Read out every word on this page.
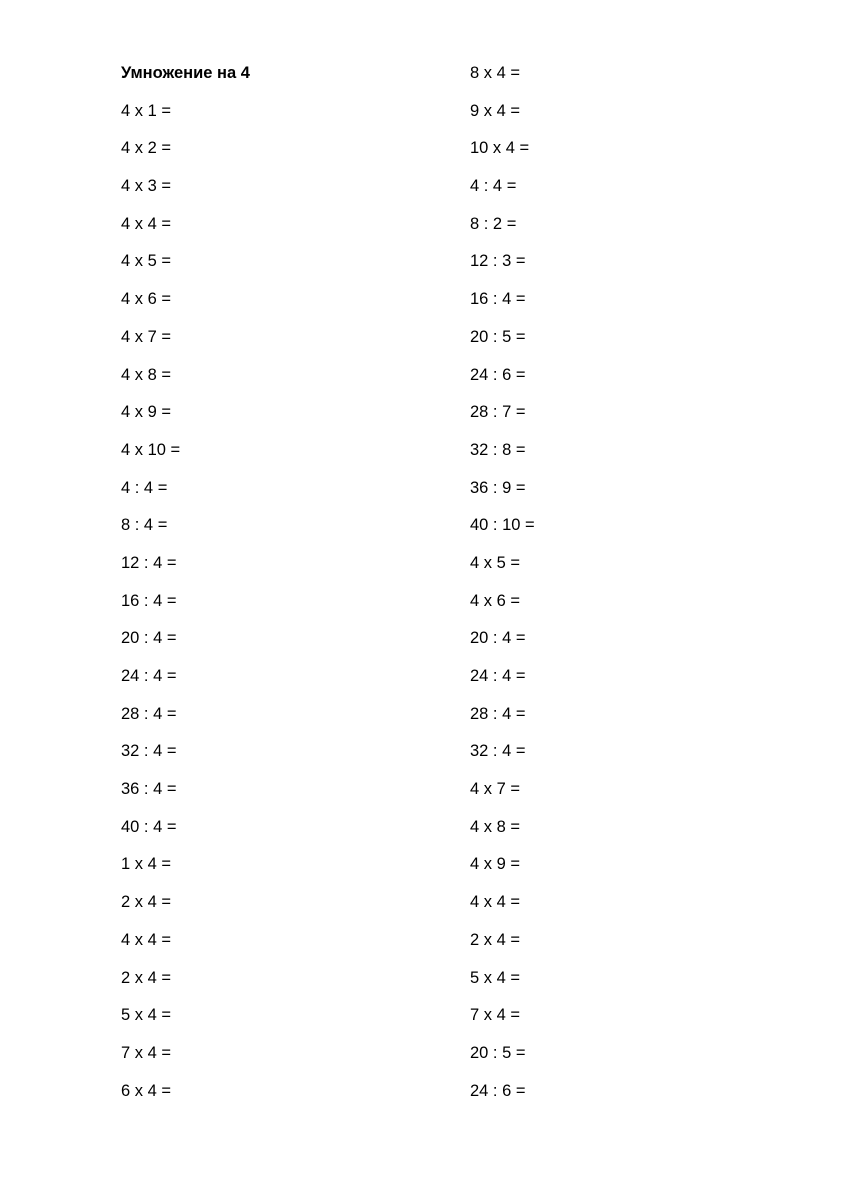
Умножение на 4
4 x 1 =
4 x 2 =
4 x 3 =
4 x 4 =
4 x 5 =
4 x 6 =
4 x 7 =
4 x 8 =
4 x 9 =
4 x 10 =
4 : 4 =
8 : 4 =
12 : 4 =
16 : 4 =
20 : 4 =
24 : 4 =
28 : 4 =
32 : 4 =
36 : 4 =
40 : 4 =
1 x 4 =
2 x 4 =
4 x 4 =
2 x 4 =
5 x 4 =
7 x 4 =
6 x 4 =
8 x 4 =
9 x 4 =
10 x 4 =
4 : 4 =
8 : 2 =
12 : 3 =
16 : 4 =
20 : 5 =
24 : 6 =
28 : 7 =
32 : 8 =
36 : 9 =
40 : 10 =
4 x 5 =
4 x 6 =
20 : 4 =
24 : 4 =
28 : 4 =
32 : 4 =
4 x 7 =
4 x 8 =
4 x 9 =
4 x 4 =
2 x 4 =
5 x 4 =
7 x 4 =
20 : 5 =
24 : 6 =
